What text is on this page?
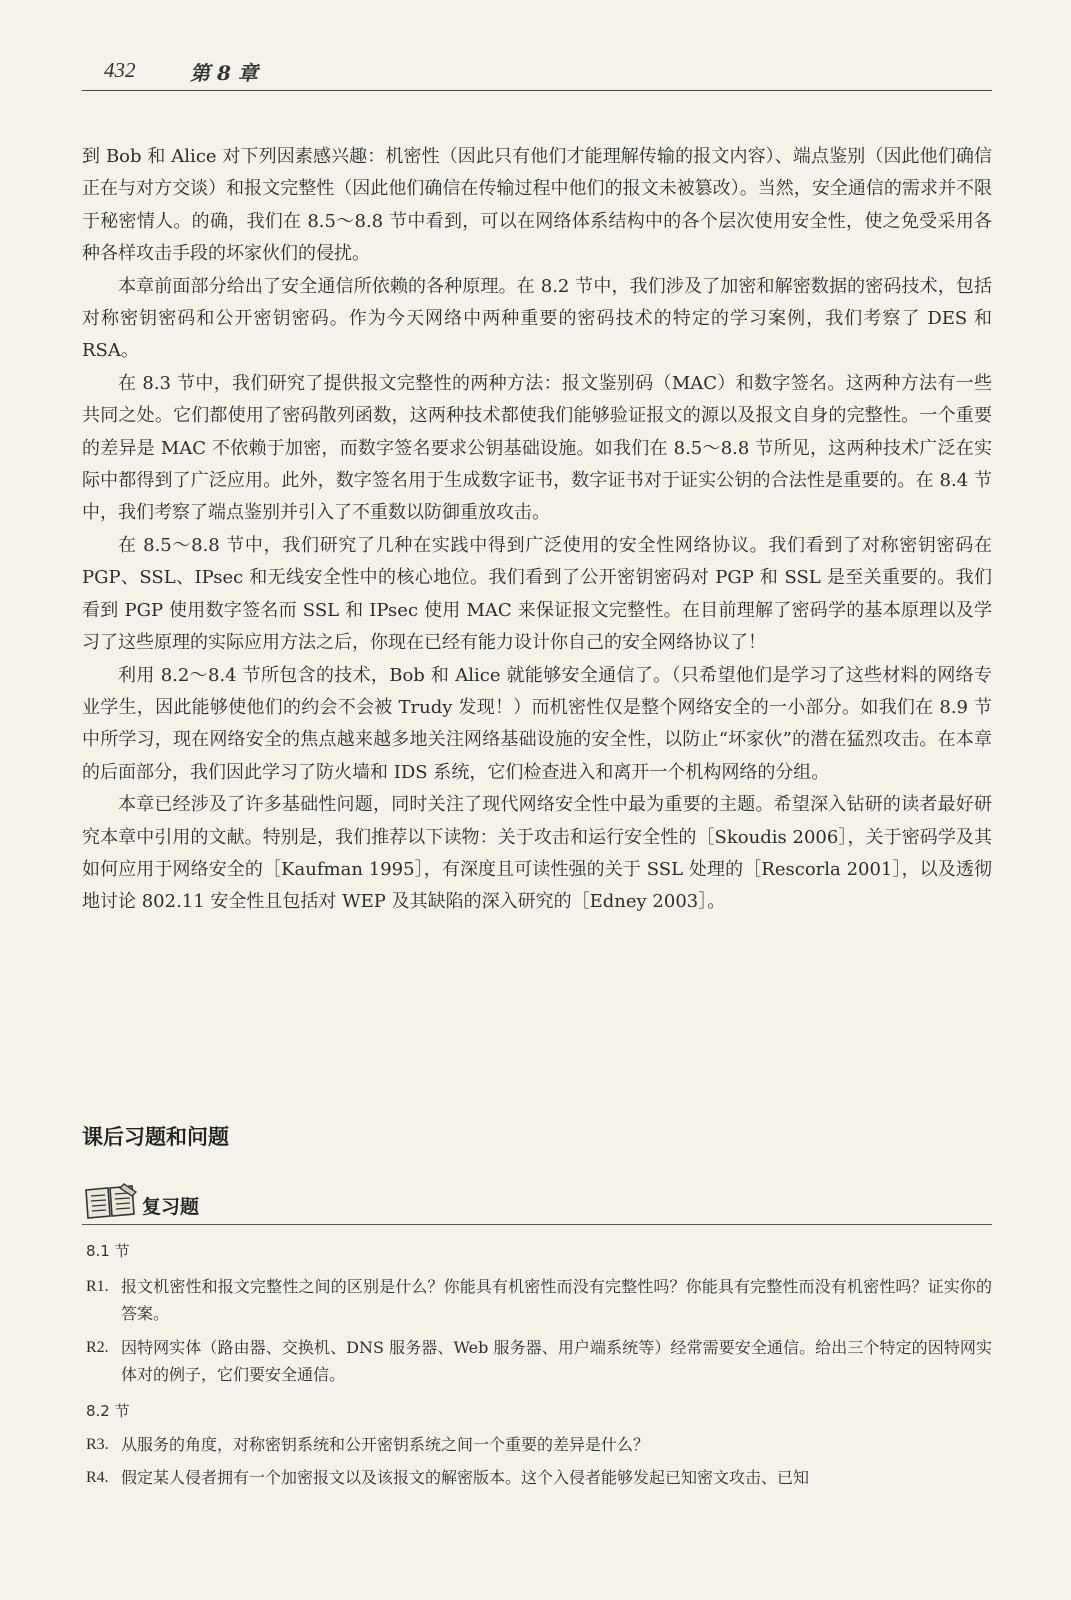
432	第 8 章

到 Bob 和 Alice 对下列因素感兴趣：机密性（因此只有他们才能理解传输的报文内容）、端点鉴别（因此他们确信正在与对方交谈）和报文完整性（因此他们确信在传输过程中他们的报文未被篡改）。当然，安全通信的需求并不限于秘密情人。的确，我们在 8.5～8.8 节中看到，可以在网络体系结构中的各个层次使用安全性，使之免受采用各种各样攻击手段的坏家伙们的侵扰。

本章前面部分给出了安全通信所依赖的各种原理。在 8.2 节中，我们涉及了加密和解密数据的密码技术，包括对称密钥密码和公开密钥密码。作为今天网络中两种重要的密码技术的特定的学习案例，我们考察了 DES 和 RSA。

在 8.3 节中，我们研究了提供报文完整性的两种方法：报文鉴别码（MAC）和数字签名。这两种方法有一些共同之处。它们都使用了密码散列函数，这两种技术都使我们能够验证报文的源以及报文自身的完整性。一个重要的差异是 MAC 不依赖于加密，而数字签名要求公钥基础设施。如我们在 8.5～8.8 节所见，这两种技术广泛在实际中都得到了广泛应用。此外，数字签名用于生成数字证书，数字证书对于证实公钥的合法性是重要的。在 8.4 节中，我们考察了端点鉴别并引入了不重数以防御重放攻击。

在 8.5～8.8 节中，我们研究了几种在实践中得到广泛使用的安全性网络协议。我们看到了对称密钥密码在 PGP、SSL、IPsec 和无线安全性中的核心地位。我们看到了公开密钥密码对 PGP 和 SSL 是至关重要的。我们看到 PGP 使用数字签名而 SSL 和 IPsec 使用 MAC 来保证报文完整性。在目前理解了密码学的基本原理以及学习了这些原理的实际应用方法之后，你现在已经有能力设计你自己的安全网络协议了！

利用 8.2～8.4 节所包含的技术，Bob 和 Alice 就能够安全通信了。（只希望他们是学习了这些材料的网络专业学生，因此能够使他们的约会不会被 Trudy 发现！）而机密性仅是整个网络安全的一小部分。如我们在 8.9 节中所学习，现在网络安全的焦点越来越多地关注网络基础设施的安全性，以防止“坏家伙”的潜在猛烈攻击。在本章的后面部分，我们因此学习了防火墙和 IDS 系统，它们检查进入和离开一个机构网络的分组。

本章已经涉及了许多基础性问题，同时关注了现代网络安全性中最为重要的主题。希望深入钻研的读者最好研究本章中引用的文献。特别是，我们推荐以下读物：关于攻击和运行安全性的［Skoudis 2006］，关于密码学及其如何应用于网络安全的［Kaufman 1995］，有深度且可读性强的关于 SSL 处理的［Rescorla 2001］，以及透彻地讨论 802.11 安全性且包括对 WEP 及其缺陷的深入研究的［Edney 2003］。

课后习题和问题
复习题
8.1 节
R1. 报文机密性和报文完整性之间的区别是什么？你能具有机密性而没有完整性吗？你能具有完整性而没有机密性吗？证实你的答案。
R2. 因特网实体（路由器、交换机、DNS 服务器、Web 服务器、用户端系统等）经常需要安全通信。给出三个特定的因特网实体对的例子，它们要安全通信。
8.2 节
R3. 从服务的角度，对称密钥系统和公开密钥系统之间一个重要的差异是什么？
R4. 假定某人侵者拥有一个加密报文以及该报文的解密版本。这个入侵者能够发起已知密文攻击、已知
